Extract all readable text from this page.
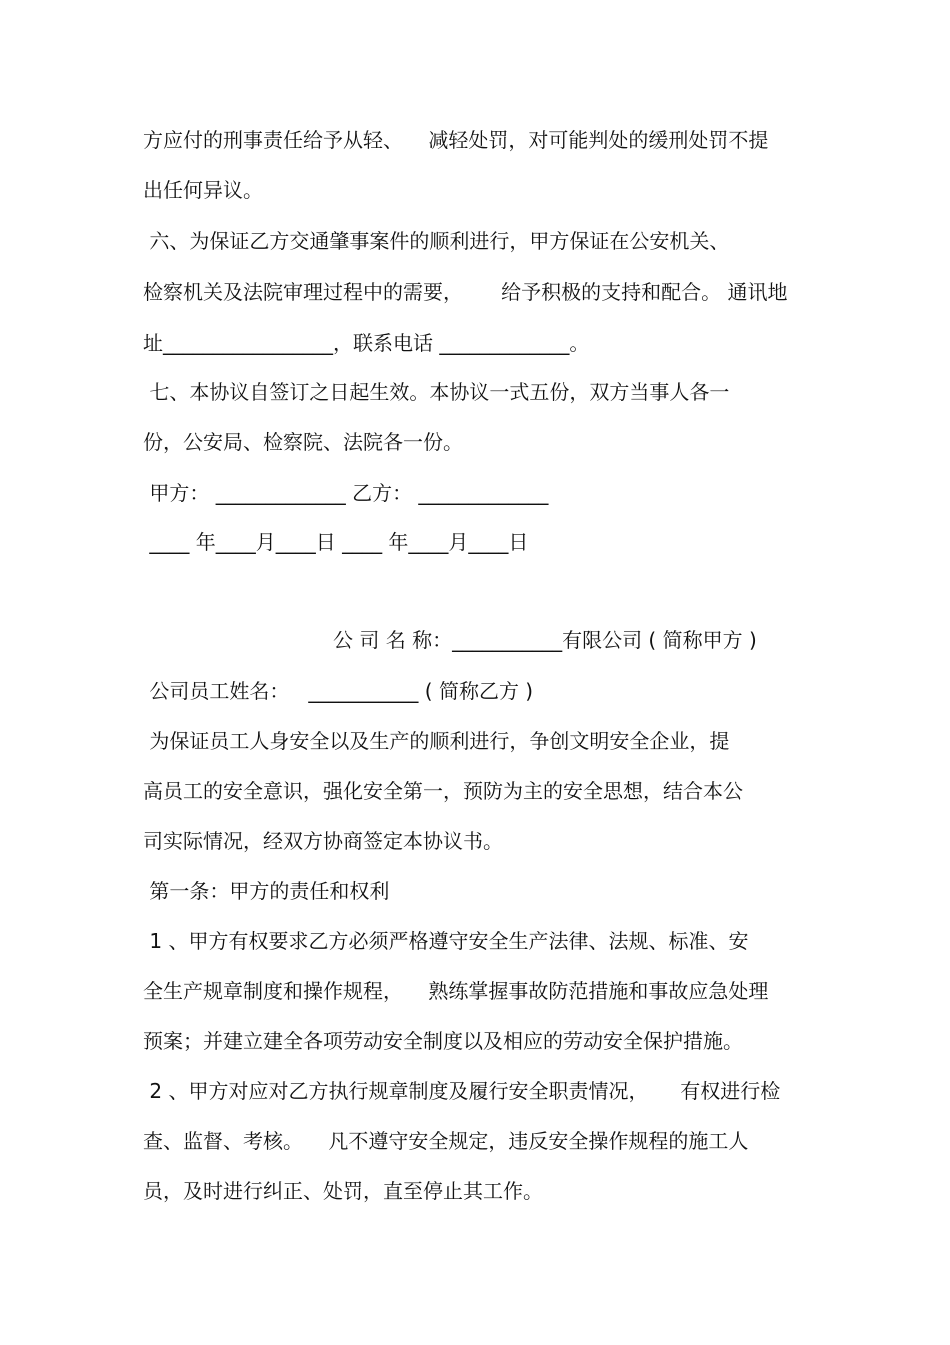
方应付的刑事责任给予从轻、    减轻处罚，对可能判处的缓刑处罚不提
出任何异议。
六、为保证乙方交通肇事案件的顺利进行，甲方保证在公安机关、
检察机关及法院审理过程中的需要，      给予积极的支持和配合。 通讯地
址_________________，联系电话 _____________。
七、本协议自签订之日起生效。本协议一式五份，双方当事人各一
份，公安局、检察院、法院各一份。
甲方： _____________ 乙方： _____________
____ 年____月____日 ____ 年____月____日
公 司 名 称：___________有限公司 ( 简称甲方 )
公司员工姓名：   ___________ ( 简称乙方 )
为保证员工人身安全以及生产的顺利进行，争创文明安全企业，提
高员工的安全意识，强化安全第一，预防为主的安全思想，结合本公
司实际情况，经双方协商签定本协议书。
第一条：甲方的责任和权利
1 、甲方有权要求乙方必须严格遵守安全生产法律、法规、标准、安
全生产规章制度和操作规程，    熟练掌握事故防范措施和事故应急处理
预案；并建立建全各项劳动安全制度以及相应的劳动安全保护措施。
2 、甲方对应对乙方执行规章制度及履行安全职责情况，     有权进行检
查、监督、考核。    凡不遵守安全规定，违反安全操作规程的施工人
员，及时进行纠正、处罚，直至停止其工作。
